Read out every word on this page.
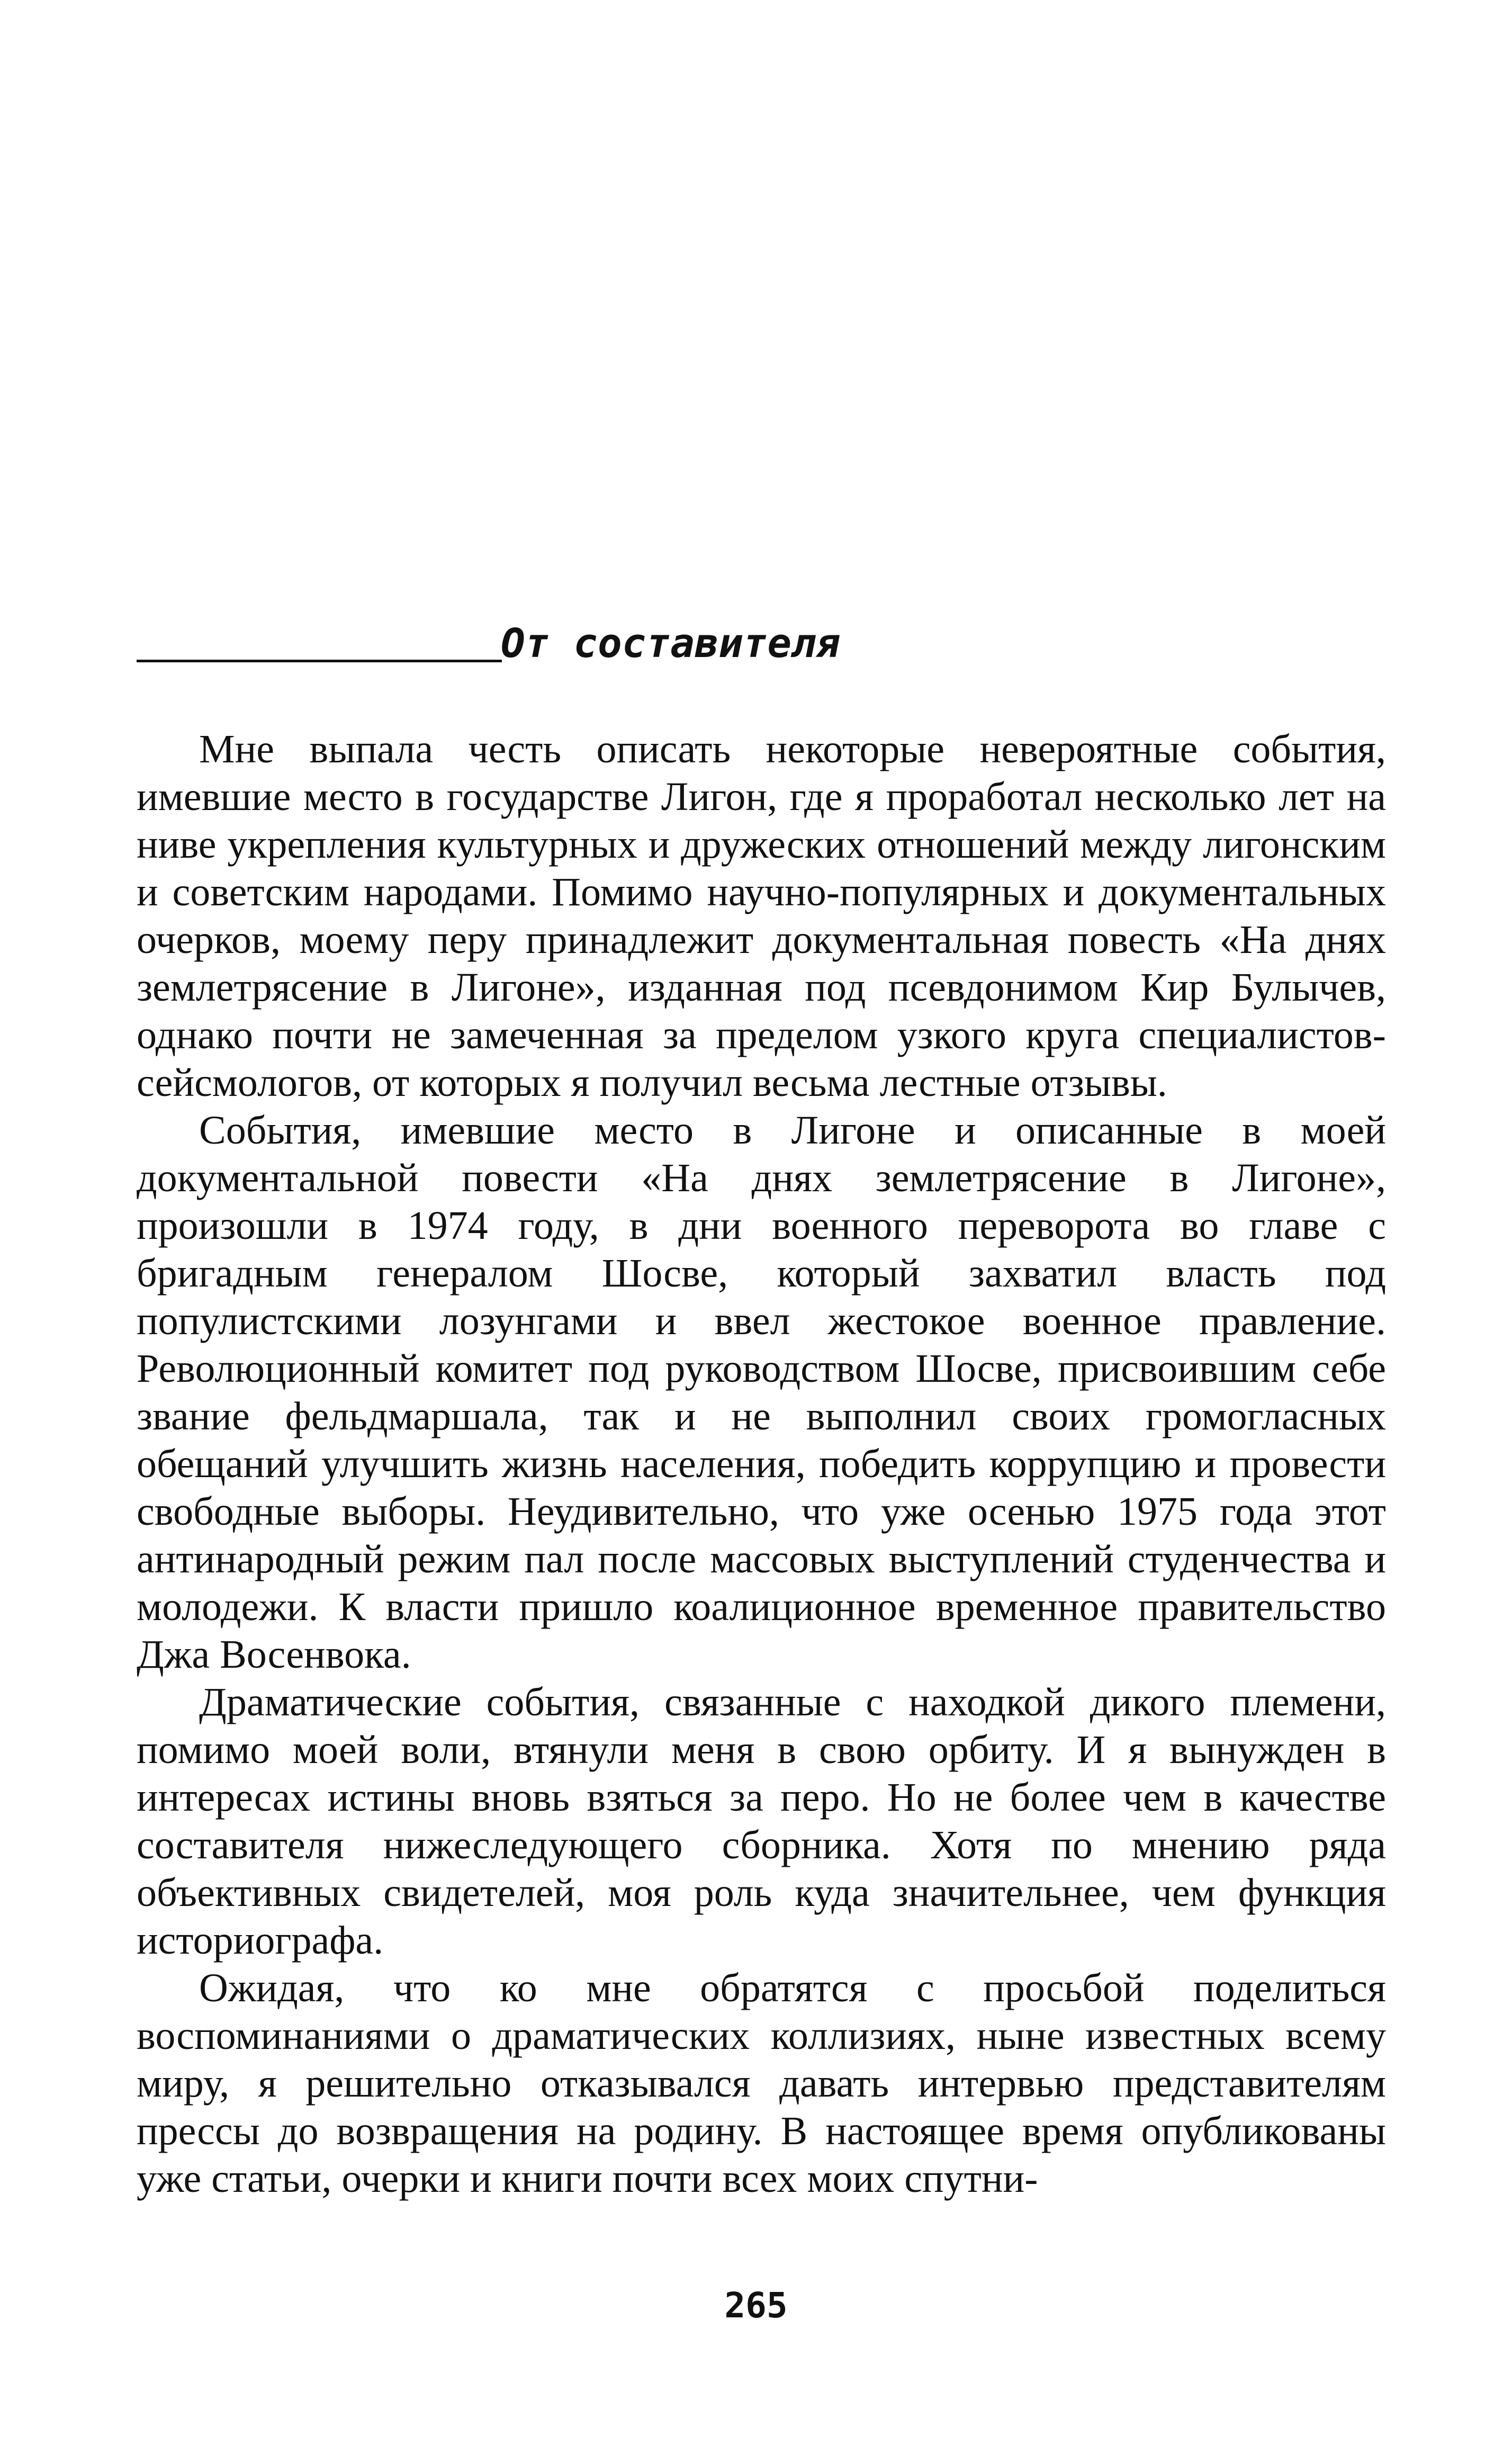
От составителя

Мне выпала честь описать некоторые невероятные события, имевшие место в государстве Лигон, где я проработал несколько лет на ниве укрепления культурных и дружеских отношений между лигонским и советским народами. Помимо научно-популярных и документальных очерков, моему перу принадлежит документальная повесть «На днях землетрясение в Лигоне», изданная под псевдонимом Кир Булычев, однако почти не замеченная за пределом узкого круга специалистов-сейсмологов, от которых я получил весьма лестные отзывы.

События, имевшие место в Лигоне и описанные в моей документальной повести «На днях землетрясение в Лигоне», произошли в 1974 году, в дни военного переворота во главе с бригадным генералом Шосве, который захватил власть под популистскими лозунгами и ввел жестокое военное правление. Революционный комитет под руководством Шосве, присвоившим себе звание фельдмаршала, так и не выполнил своих громогласных обещаний улучшить жизнь населения, победить коррупцию и провести свободные выборы. Неудивительно, что уже осенью 1975 года этот антинародный режим пал после массовых выступлений студенчества и молодежи. К власти пришло коалиционное временное правительство Джа Восенвока.

Драматические события, связанные с находкой дикого племени, помимо моей воли, втянули меня в свою орбиту. И я вынужден в интересах истины вновь взяться за перо. Но не более чем в качестве составителя нижеследующего сборника. Хотя по мнению ряда объективных свидетелей, моя роль куда значительнее, чем функция историографа.

Ожидая, что ко мне обратятся с просьбой поделиться воспоминаниями о драматических коллизиях, ныне известных всему миру, я решительно отказывался давать интервью представителям прессы до возвращения на родину. В настоящее время опубликованы уже статьи, очерки и книги почти всех моих спутни-

265
